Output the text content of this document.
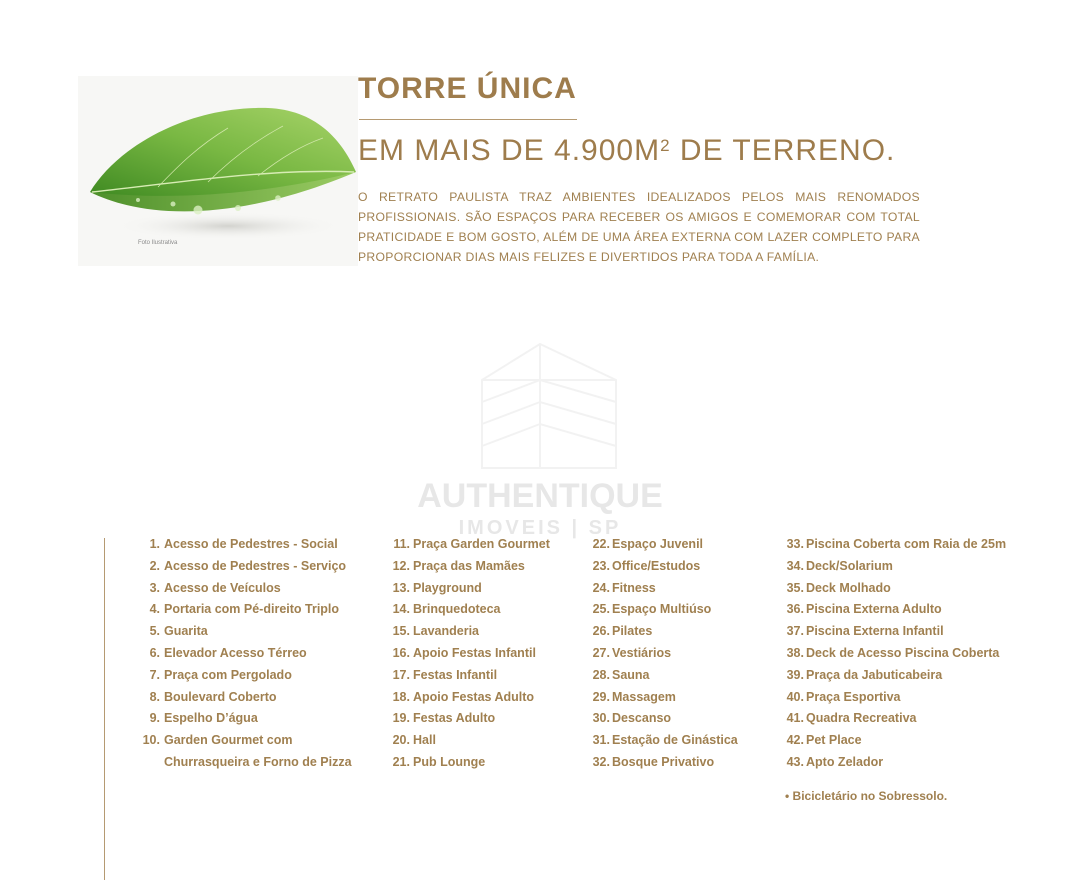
Foto Ilustrativa
TORRE ÚNICA
EM MAIS DE $4.900M^2$ DE TERRENO.
O RETRATO PAULISTA TRAZ AMBIENTES IDEALIZADOS PELOS MAIS RENOMADOS PROFISSIONAIS. SÃO ESPAÇOS PARA RECEBER OS AMIGOS E COMEMORAR COM TOTAL PRATICIDADE E BOM GOSTO, ALÉM DE UMA ÁREA EXTERNA COM LAZER COMPLETO PARA PROPORCIONAR DIAS MAIS FELIZES E DIVERTIDOS PARA TODA A FAMÍLIA.
AUTHENTIQUE
IMOVEIS | SP
1. Acesso de Pedestres - Social
2. Acesso de Pedestres - Serviço
3. Acesso de Veículos
4. Portaria com Pé-direito Triplo
5. Guarita
6. Elevador Acesso Térreo
7. Praça com Pergolado
8. Boulevard Coberto
9. Espelho D’água
10. Garden Gourmet com
Churrasqueira e Forno de Pizza
11. Praça Garden Gourmet
12. Praça das Mamães
13. Playground
14. Brinquedoteca
15. Lavanderia
16. Apoio Festas Infantil
17. Festas Infantil
18. Apoio Festas Adulto
19. Festas Adulto
20. Hall
21. Pub Lounge
22. Espaço Juvenil
23. Office/Estudos
24. Fitness
25. Espaço Multiúso
26. Pilates
27. Vestiários
28. Sauna
29. Massagem
30. Descanso
31. Estação de Ginástica
32. Bosque Privativo
33. Piscina Coberta com Raia de 25m
34. Deck/Solarium
35. Deck Molhado
36. Piscina Externa Adulto
37. Piscina Externa Infantil
38. Deck de Acesso Piscina Coberta
39. Praça da Jabuticabeira
40. Praça Esportiva
41. Quadra Recreativa
42. Pet Place
43. Apto Zelador
• Bicicletário no Sobressolo.
